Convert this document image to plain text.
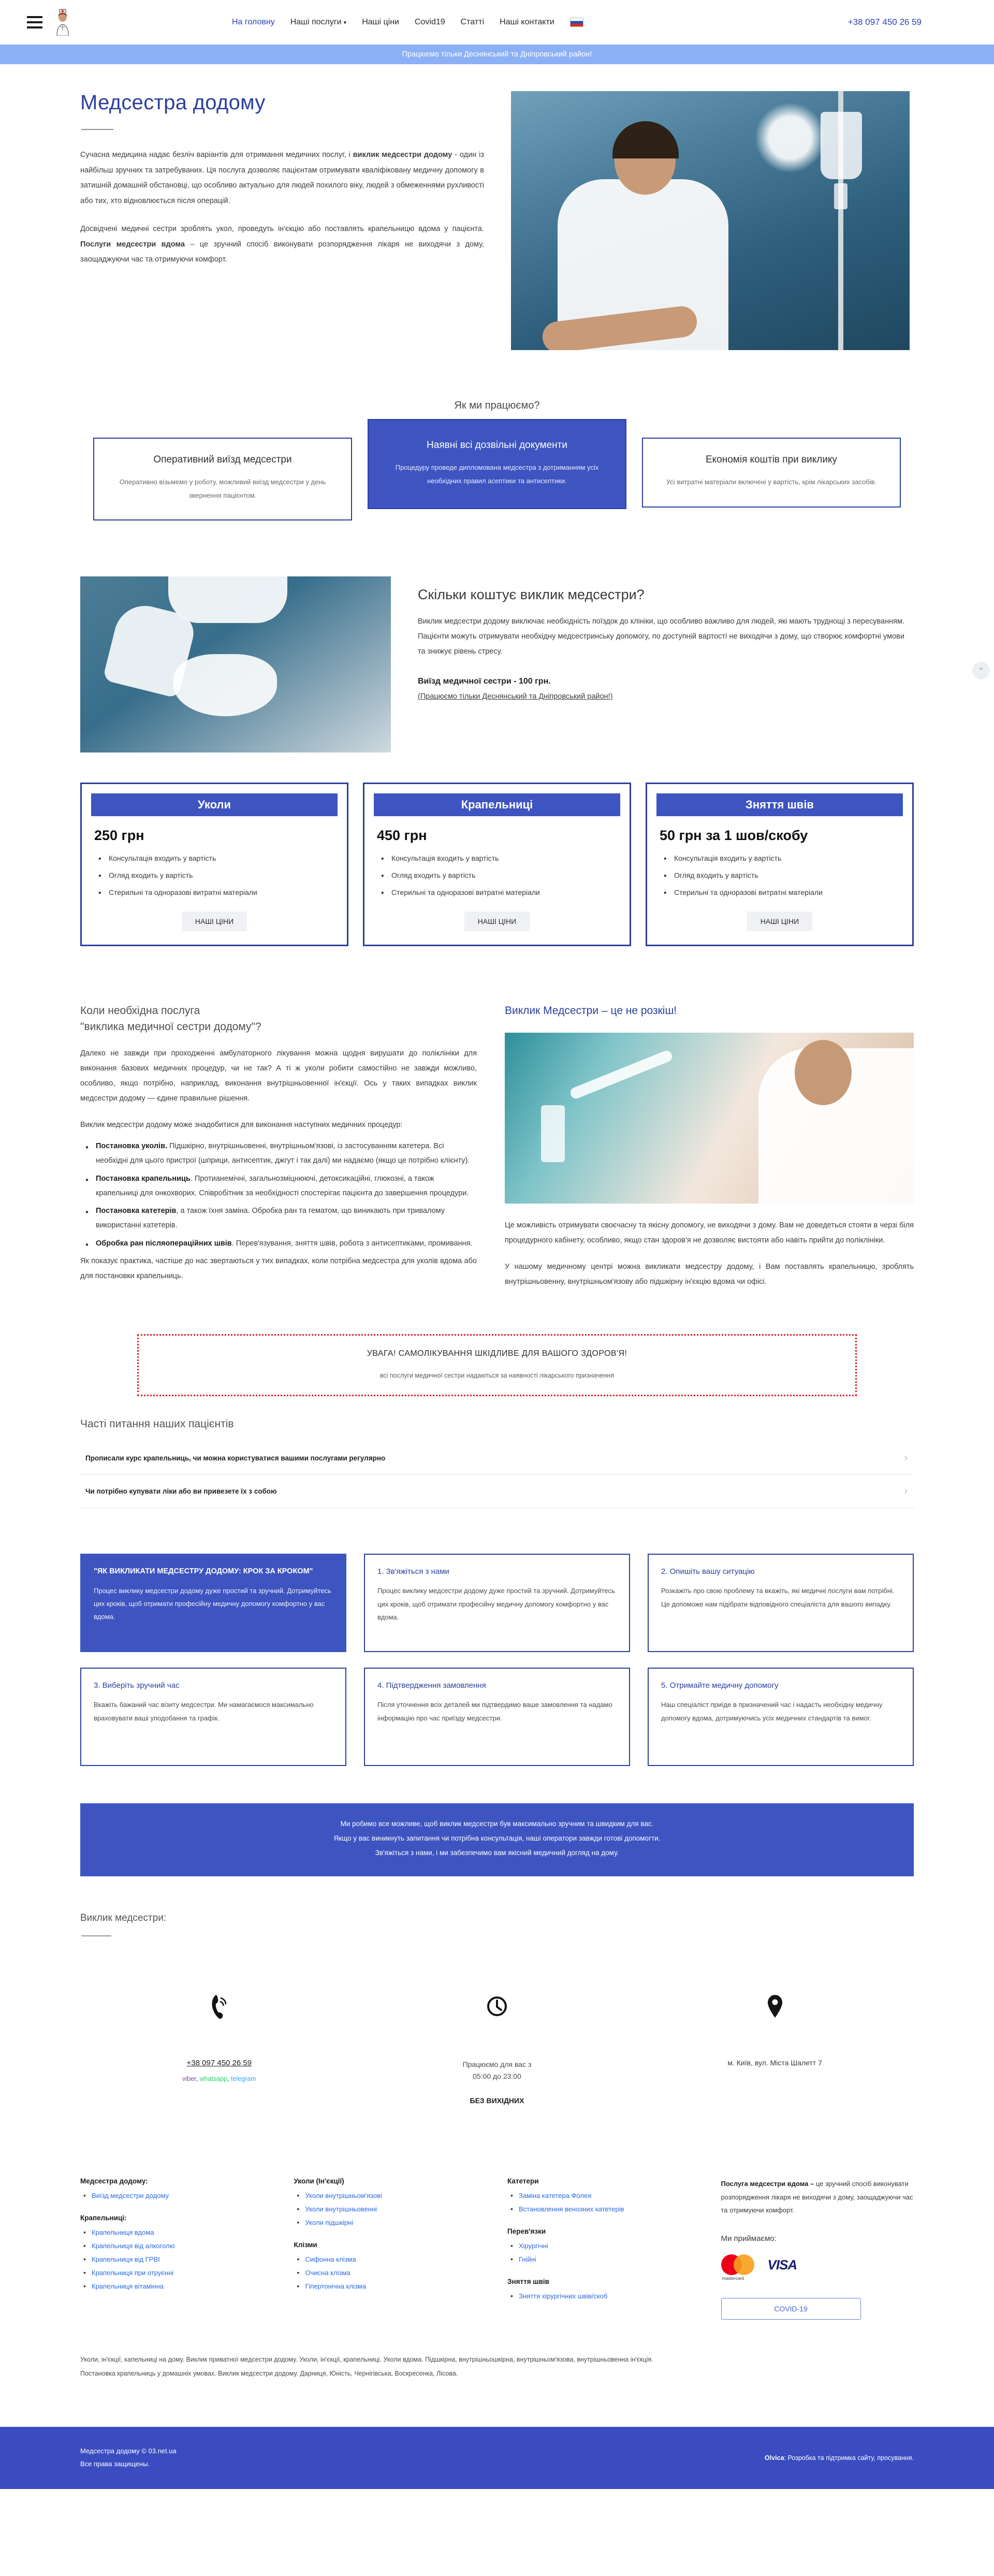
На головну Наші послуги ▾ Наші ціни Covid19 Статті Наші контакти	+38 097 450 26 59
Працюємо тільки Деснянський та Дніпровський район!
Медсестра додому

Сучасна медицина надає безліч варіантів для отримання медичних послуг, і виклик медсестри додому - один із найбільш зручних та затребуваних. Ця послуга дозволяє пацієнтам отримувати кваліфіковану медичну допомогу в затишній домашній обстановці, що особливо актуально для людей похилого віку, людей з обмеженнями рухливості або тих, хто відновлюється після операцій.

Досвідчені медичні сестри зроблять укол, проведуть ін'єкцію або поставлять крапельницю вдома у пацієнта. Послуги медсестри вдома – це зручний спосіб виконувати розпорядження лікаря не виходячи з дому, заощаджуючи час та отримуючи комфорт.

Як ми працюємо?
Оперативний виїзд медсестри

Оперативно візьмемо у роботу, можливий виїзд медсестри у день звернення пацієнтом.

Наявні всі дозвільні документи

Процедуру проведе дипломована медсестра з дотриманням усіх необхідних правил асептики та антисептики.

Економія коштів при виклику

Усі витратні матеріали включені у вартість, крім лікарських засобів.

Скільки коштує виклик медсестри?

Виклик медсестри додому виключає необхідність поїздок до клініки, що особливо важливо для людей, які мають труднощі з пересуванням. Пацієнти можуть отримувати необхідну медсестринську допомогу, по доступній вартості не виходячи з дому, що створює комфортні умови та знижує рівень стресу.

Виїзд медичної сестри - 100 грн.
(Працюємо тільки Деснянський та Дніпровський район!)
Уколи
250 грн
• Консультація входить у вартість
• Огляд входить у вартість
• Стерильні та одноразові витратні матеріали
НАШІ ЦІНИ
Крапельниці
450 грн
• Консультація входить у вартість
• Огляд входить у вартість
• Стерильні та одноразові витратні матеріали
НАШІ ЦІНИ
Зняття швів
50 грн за 1 шов/скобу
• Консультація входить у вартість
• Огляд входить у вартість
• Стерильні та одноразові витратні матеріали
НАШІ ЦІНИ
Коли необхідна послуга
"виклика медичної сестри додому"?

Далеко не завжди при проходженні амбулаторного лікування можна щодня вирушати до поліклініки для виконання базових медичних процедур, чи не так? А ті ж уколи робити самостійно не завжди можливо, особливо, якщо потрібно, наприклад, виконання внутрішньовенної ін'єкції. Ось у таких випадках виклик медсестри додому — єдине правильне рішення.

Виклик медсестри додому може знадобитися для виконання наступних медичних процедур:

• Постановка уколів. Підшкірно, внутрішньовенні, внутрішньом'язові, із застосуванням катетера. Всі необхідні для цього пристрої (шприци, антисептик, джгут і так далі) ми надаємо (якщо це потрібно клієнту).
• Постановка крапельниць. Протианемічні, загальнозміцнюючі, детоксикаційні, глюкозні, а також крапельниці для онкохворих. Співробітник за необхідності спостерігає пацієнта до завершення процедури.
• Постановка катетерів, а також їхня заміна. Обробка ран та гематом, що виникають при тривалому використанні катетерів.
• Обробка ран післяопераційних швів. Перев'язування, зняття швів, робота з антисептиками, промивання.

Як показує практика, частіше до нас звертаються у тих випадках, коли потрібна медсестра для уколів вдома або для постановки крапельниць.

Виклик Медсестри – це не розкіш!

Це можливість отримувати своєчасну та якісну допомогу, не виходячи з дому. Вам не доведеться стояти в черзі біля процедурного кабінету, особливо, якщо стан здоров'я не дозволяє вистояти або навіть прийти до поліклініки.

У нашому медичному центрі можна викликати медсестру додому, і Вам поставлять крапельницю, зроблять внутрішньовенну, внутрішньом'язову або підшкірну ін'єкцію вдома чи офісі.

УВАГА! САМОЛІКУВАННЯ ШКІДЛИВЕ ДЛЯ ВАШОГО ЗДОРОВ'Я!
всі послуги медичної сестри надаються за наявності лікарського призначення
Часті питання наших пацієнтів
Прописали курс крапельниць, чи можна користуватися вашими послугами регулярно	›
Чи потрібно купувати ліки або ви привезете їх з собою	›
"ЯК ВИКЛИКАТИ МЕДСЕСТРУ ДОДОМУ: КРОК ЗА КРОКОМ"

Процес виклику медсестри додому дуже простий та зручний. Дотримуйтесь цих кроків, щоб отримати професійну медичну допомогу комфортно у вас вдома.

1. Зв'яжіться з нами

Процес виклику медсестри додому дуже простий та зручний. Дотримуйтесь цих кроків, щоб отримати професійну медичну допомогу комфортно у вас вдома.

2. Опишіть вашу ситуацію

Розкажіть про свою проблему та вкажіть, які медичні послуги вам потрібні. Це допоможе нам підібрати відповідного спеціаліста для вашого випадку.

3. Виберіть зручний час

Вкажіть бажаний час візиту медсестри. Ми намагаємося максимально враховувати ваші уподобання та графік.

4. Підтвердження замовлення

Після уточнення всіх деталей ми підтвердимо ваше замовлення та надамо інформацію про час приїзду медсестри.

5. Отримайте медичну допомогу

Наш спеціаліст приїде в призначений час і надасть необхідну медичну допомогу вдома, дотримуючись усіх медичних стандартів та вимог.

Ми робимо все можливе, щоб виклик медсестри був максимально зручним та швидким для вас.

Якщо у вас виникнуть запитання чи потрібна консультація, наші оператори завжди готові допомогти.

Зв'яжіться з нами, і ми забезпечимо вам якісний медичний догляд на дому.

Виклик медсестри:
+38 097 450 26 59
viber, whatsapp, telegram
Працюємо для вас з
05:00 до 23:00
БЕЗ ВИХІДНИХ
м. Київ, вул. Міста Шалетт 7
Медсестра додому:
• Виїзд медсестри додому
Крапельниці:
• Крапельниця вдома
• Крапельниця від алкоголю
• Крапельниця від ГРВІ
• Крапельниця при отруєнні
• Крапельниця вітамінна
Уколи (Ін'єкції)
• Уколи внутрішньом'язові
• Уколи внутрішньовенні
• Уколи підшкірні
Клізми
• Сифонна клізма
• Очисна клізма
• Гіпертонічна клізма
Катетери
• Заміна катетера Фолея
• Встановлення венозних катетерів
Перев'язки
• Хірургічні
• Гнійні
Зняття швів
• Зняття хірургічних швів/скоб

Послуга медсестри вдома – це зручний спосіб виконувати розпорядження лікаря не виходячи з дому, заощаджуючи час та отримуючи комфорт.

Ми приймаємо:
mastercard
VISA
COVID-19
Уколи, ін'єкції, капельниці на дому. Виклик приватної медсестри додому. Уколи, ін'єкції, крапельниці. Уколи вдома. Підшкірна, внутрішньошкірна, внутрішньом'язова, внутрішньовенна ін'єкція. Постановка крапельниць у домашніх умовах. Виклик медсестри додому. Дарниця, Юність, Чернігівська, Воскресенка, Лісова.
Медсестра додому © 03.net.ua
Все права защищены.
Olvica: Розробка та підтримка сайту, просування.
⌃
